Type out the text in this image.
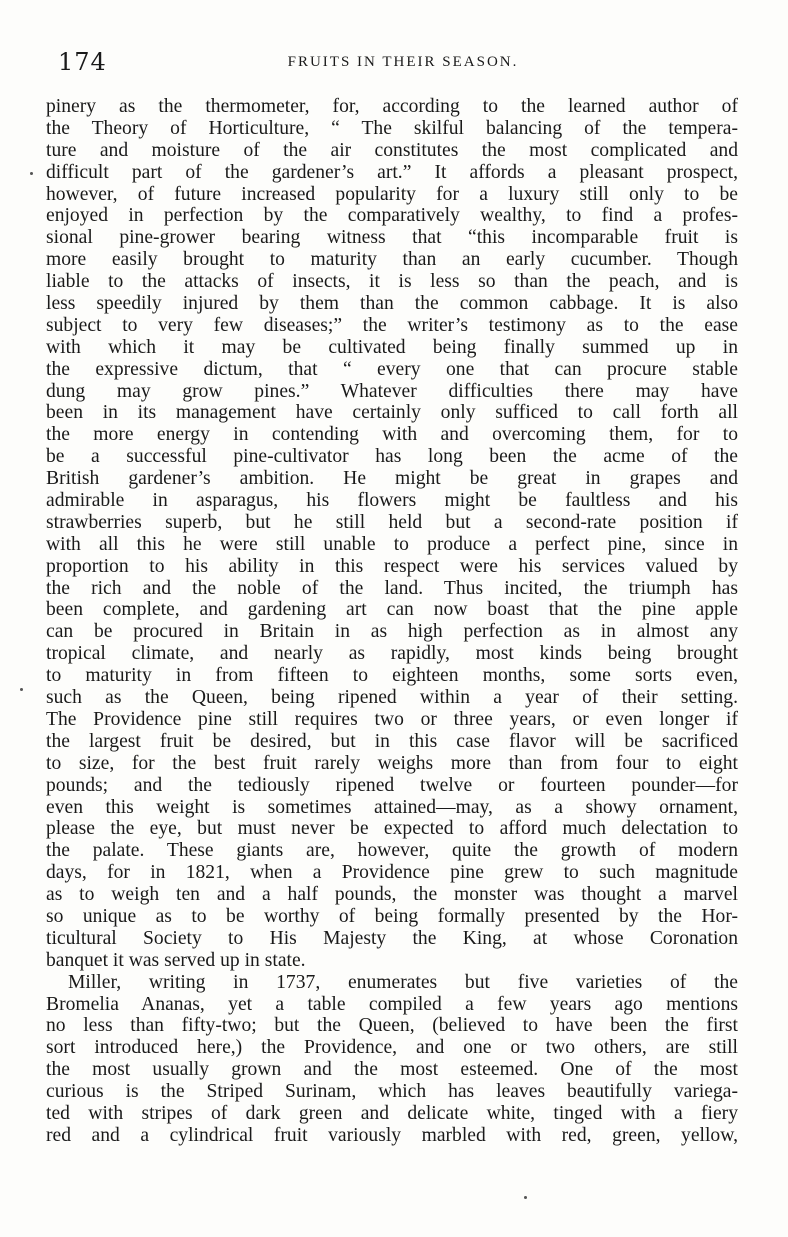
174	FRUITS IN THEIR SEASON.
pinery as the thermometer, for, according to the learned author of
the Theory of Horticulture, “ The skilful balancing of the tempera-
ture and moisture of the air constitutes the most complicated and
difficult part of the gardener’s art.” It affords a pleasant prospect,
however, of future increased popularity for a luxury still only to be
enjoyed in perfection by the comparatively wealthy, to find a profes-
sional pine-grower bearing witness that “this incomparable fruit is
more easily brought to maturity than an early cucumber. Though
liable to the attacks of insects, it is less so than the peach, and is
less speedily injured by them than the common cabbage. It is also
subject to very few diseases;” the writer’s testimony as to the ease
with which it may be cultivated being finally summed up in
the expressive dictum, that “ every one that can procure stable
dung may grow pines.” Whatever difficulties there may have
been in its management have certainly only sufficed to call forth all
the more energy in contending with and overcoming them, for to
be a successful pine-cultivator has long been the acme of the
British gardener’s ambition. He might be great in grapes and
admirable in asparagus, his flowers might be faultless and his
strawberries superb, but he still held but a second-rate position if
with all this he were still unable to produce a perfect pine, since in
proportion to his ability in this respect were his services valued by
the rich and the noble of the land. Thus incited, the triumph has
been complete, and gardening art can now boast that the pine apple
can be procured in Britain in as high perfection as in almost any
tropical climate, and nearly as rapidly, most kinds being brought
to maturity in from fifteen to eighteen months, some sorts even,
such as the Queen, being ripened within a year of their setting.
The Providence pine still requires two or three years, or even longer if
the largest fruit be desired, but in this case flavor will be sacrificed
to size, for the best fruit rarely weighs more than from four to eight
pounds; and the tediously ripened twelve or fourteen pounder—for
even this weight is sometimes attained—may, as a showy ornament,
please the eye, but must never be expected to afford much delectation to
the palate. These giants are, however, quite the growth of modern
days, for in 1821, when a Providence pine grew to such magnitude
as to weigh ten and a half pounds, the monster was thought a marvel
so unique as to be worthy of being formally presented by the Hor-
ticultural Society to His Majesty the King, at whose Coronation
banquet it was served up in state.
Miller, writing in 1737, enumerates but five varieties of the
Bromelia Ananas, yet a table compiled a few years ago mentions
no less than fifty-two; but the Queen, (believed to have been the first
sort introduced here,) the Providence, and one or two others, are still
the most usually grown and the most esteemed. One of the most
curious is the Striped Surinam, which has leaves beautifully variega-
ted with stripes of dark green and delicate white, tinged with a fiery
red and a cylindrical fruit variously marbled with red, green, yellow,
